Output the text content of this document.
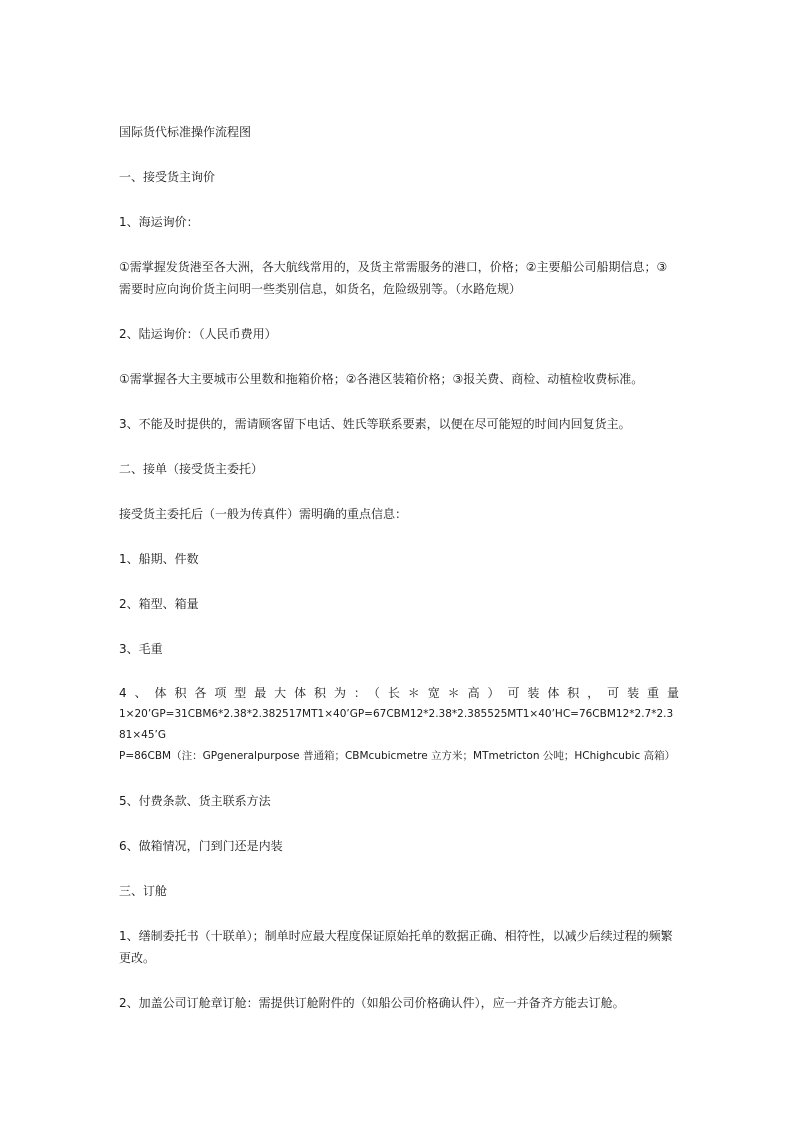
国际货代标准操作流程图
一、接受货主询价
1、海运询价：
①需掌握发货港至各大洲，各大航线常用的，及货主常需服务的港口，价格；②主要船公司船期信息；③需要时应向询价货主问明一些类别信息，如货名，危险级别等。（水路危规）
2、陆运询价：（人民币费用）
①需掌握各大主要城市公里数和拖箱价格；②各港区装箱价格；③报关费、商检、动植检收费标准。
3、不能及时提供的，需请顾客留下电话、姓氏等联系要素，以便在尽可能短的时间内回复货主。
二、接单（接受货主委托）
接受货主委托后（一般为传真件）需明确的重点信息：
1、船期、件数
2、箱型、箱量
3、毛重
4、体积各项型最大体积为：（长＊宽＊高）可装体积，可装重量
1×20’GP=31CBM6*2.38*2.382517MT1×40’GP=67CBM12*2.38*2.385525MT1×40’HC=76CBM12*2.7*2.381×45’G
P=86CBM（注：GPgeneralpurpose 普通箱；CBMcubicmetre 立方米；MTmetricton 公吨；HChighcubic 高箱）
5、付费条款、货主联系方法
6、做箱情况，门到门还是内装
三、订舱
1、缮制委托书（十联单）；制单时应最大程度保证原始托单的数据正确、相符性，以减少后续过程的频繁更改。
2、加盖公司订舱章订舱：需提供订舱附件的（如船公司价格确认件），应一并备齐方能去订舱。
